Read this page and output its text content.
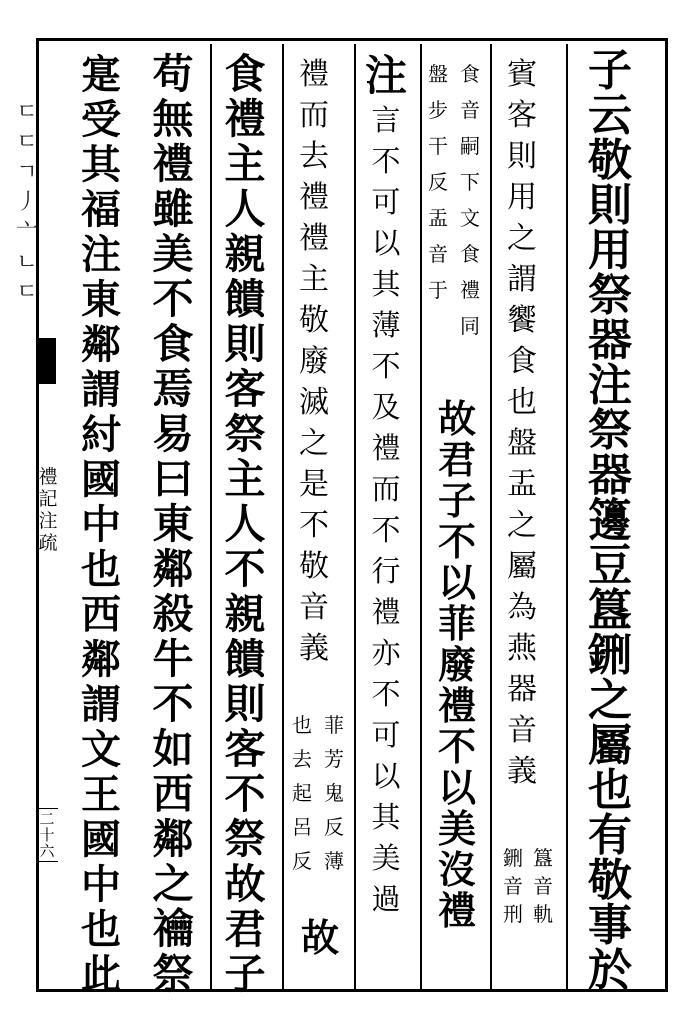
ㄷㄷㄱ丿亠ㄴㄷ
禮記注疏
二十六
子云敬則用祭器注祭器籩豆簋鉶之屬也有敬事於
賓客則用之謂饗食也盤盂之屬為燕器音義
簋音軌
鉶音刑
食音嗣下文食禮同
盤步干反盂音于
故君子不以菲廢禮不以美沒禮
注
言不可以其薄不及禮而不行禮亦不可以其美過
禮而去禮禮主敬廢滅之是不敬音義
菲芳鬼反薄
也去起呂反
故
食禮主人親饋則客祭主人不親饋則客不祭故君子
苟無禮雖美不食焉易曰東鄰殺牛不如西鄰之禴祭
寔受其福注東鄰謂紂國中也西鄰謂文王國中也此
